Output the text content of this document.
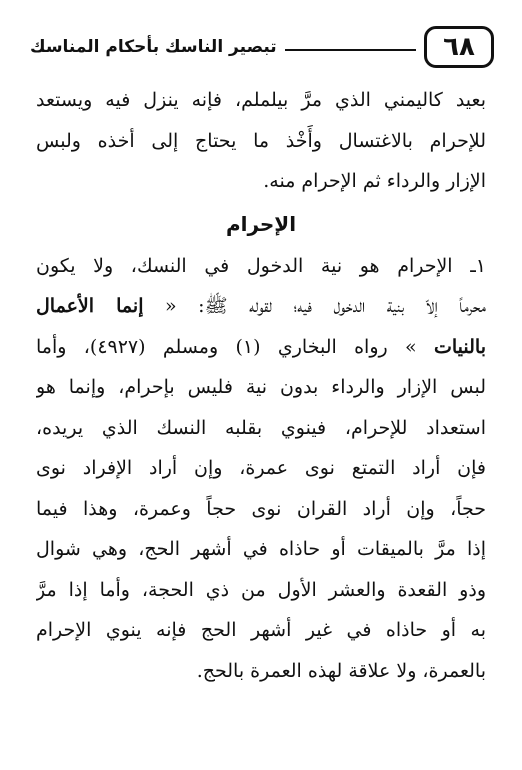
٦٨
تبصير الناسك بأحكام المناسك
بعيد كاليمني الذي مرَّ بيلملم، فإنه ينزل فيه ويستعد
للإحرام بالاغتسال وأَخْذ ما يحتاج إلى أخذه ولبس
الإزار والرداء ثم الإحرام منه.
الإحرام
١ـ الإحرام هو نية الدخول في النسك، ولا يكون
محرماً إلاّ بنية الدخول فيه؛ لقوله ﷺ: « إنما الأعمال
بالنيات » رواه البخاري (١) ومسلم (٤٩٢٧)، وأما
لبس الإزار والرداء بدون نية فليس بإحرام، وإنما هو
استعداد للإحرام، فينوي بقلبه النسك الذي يريده،
فإن أراد التمتع نوى عمرة، وإن أراد الإفراد نوى
حجاً، وإن أراد القران نوى حجاً وعمرة، وهذا فيما
إذا مرَّ بالميقات أو حاذاه في أشهر الحج، وهي شوال
وذو القعدة والعشر الأول من ذي الحجة، وأما إذا مرَّ
به أو حاذاه في غير أشهر الحج فإنه ينوي الإحرام
بالعمرة، ولا علاقة لهذه العمرة بالحج.
